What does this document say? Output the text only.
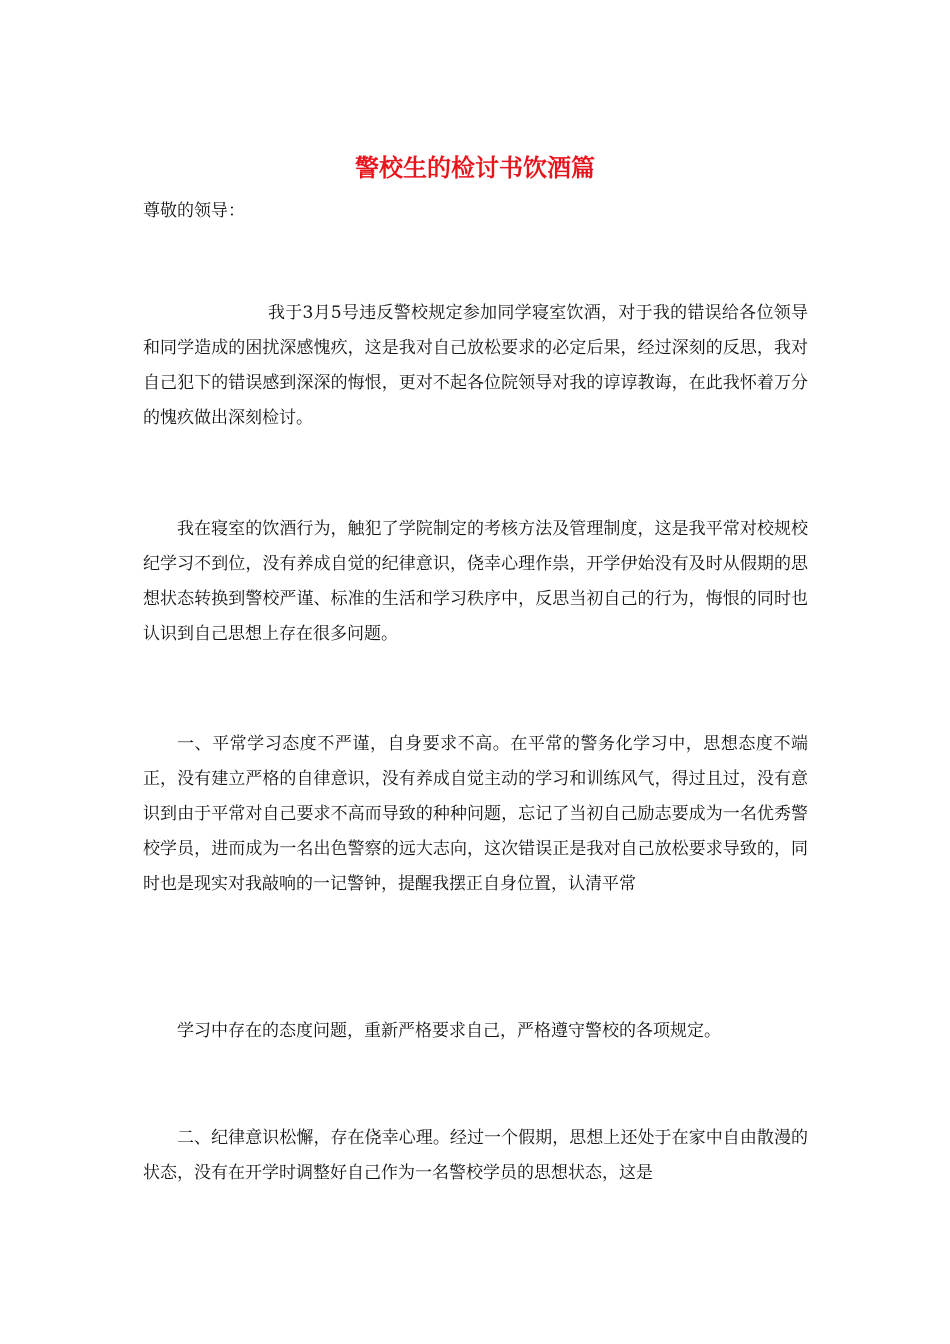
警校生的检讨书饮酒篇
尊敬的领导：

我于3月5号违反警校规定参加同学寝室饮酒，对于我的错误给各位领导和同学造成的困扰深感愧疚，这是我对自己放松要求的必定后果，经过深刻的反思，我对自己犯下的错误感到深深的悔恨，更对不起各位院领导对我的谆谆教诲，在此我怀着万分的愧疚做出深刻检讨。

我在寝室的饮酒行为，触犯了学院制定的考核方法及管理制度，这是我平常对校规校纪学习不到位，没有养成自觉的纪律意识，侥幸心理作祟，开学伊始没有及时从假期的思想状态转换到警校严谨、标准的生活和学习秩序中，反思当初自己的行为，悔恨的同时也认识到自己思想上存在很多问题。

一、平常学习态度不严谨，自身要求不高。在平常的警务化学习中，思想态度不端正，没有建立严格的自律意识，没有养成自觉主动的学习和训练风气，得过且过，没有意识到由于平常对自己要求不高而导致的种种问题，忘记了当初自己励志要成为一名优秀警校学员，进而成为一名出色警察的远大志向，这次错误正是我对自己放松要求导致的，同时也是现实对我敲响的一记警钟，提醒我摆正自身位置，认清平常

学习中存在的态度问题，重新严格要求自己，严格遵守警校的各项规定。

二、纪律意识松懈，存在侥幸心理。经过一个假期，思想上还处于在家中自由散漫的状态，没有在开学时调整好自己作为一名警校学员的思想状态，这是
